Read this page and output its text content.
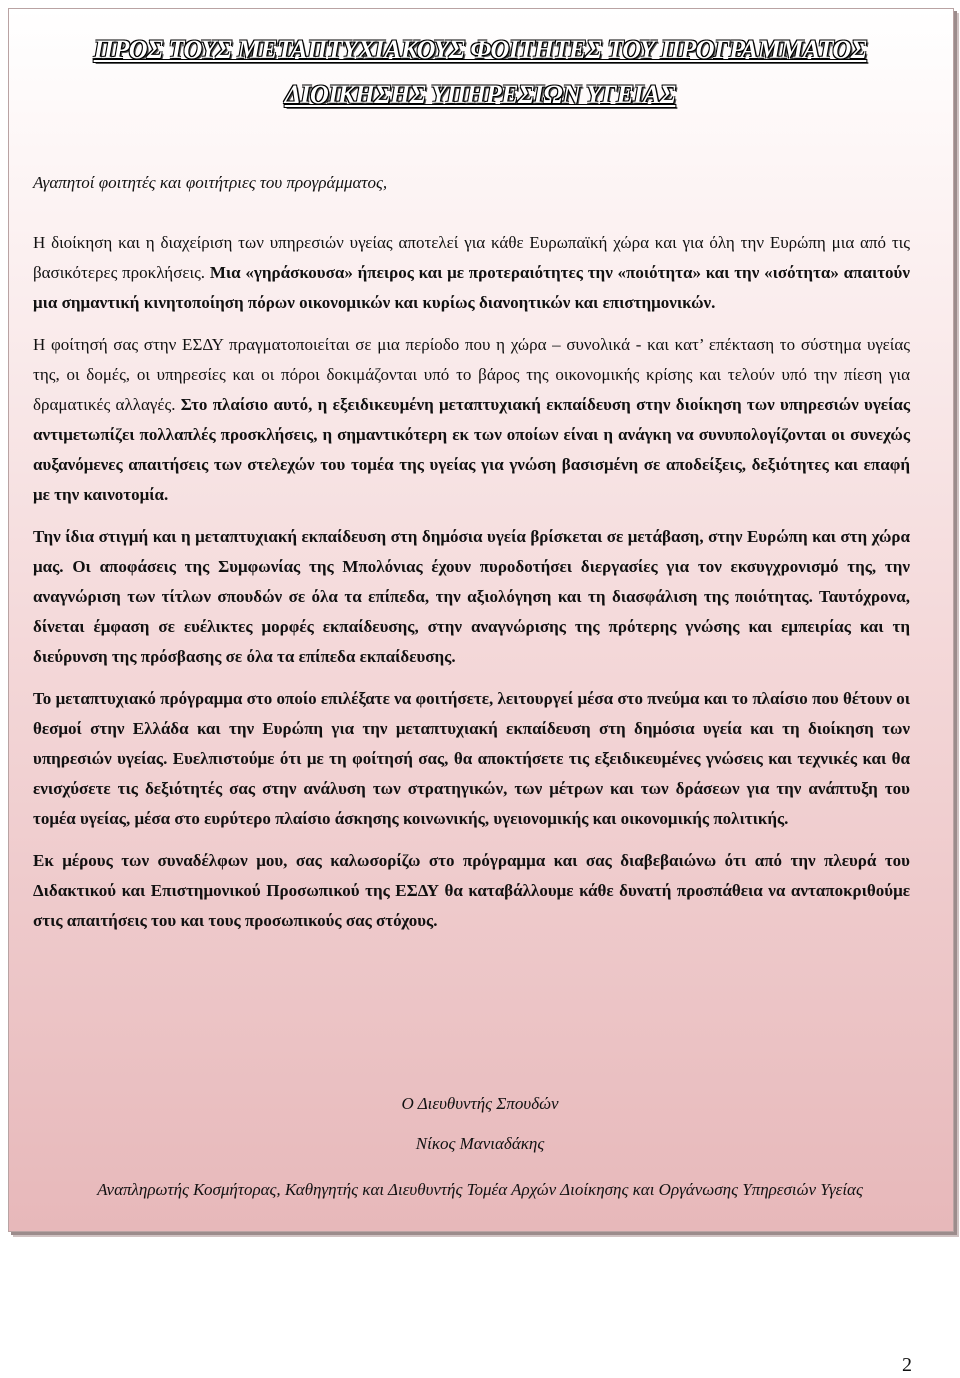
ΠΡΟΣ ΤΟΥΣ ΜΕΤΑΠΤΥΧΙΑΚΟΥΣ ΦΟΙΤΗΤΕΣ ΤΟΥ ΠΡΟΓΡΑΜΜΑΤΟΣ
ΔΙΟΙΚΗΣΗΣ ΥΠΗΡΕΣΙΩΝ ΥΓΕΙΑΣ
Αγαπητοί φοιτητές και φοιτήτριες του προγράμματος,

Η διοίκηση και η διαχείριση των υπηρεσιών υγείας αποτελεί για κάθε Ευρωπαϊκή χώρα και για όλη την Ευρώπη μια από τις βασικότερες προκλήσεις. Μια «γηράσκουσα» ήπειρος και με προτεραιότητες την «ποιότητα» και την «ισότητα» απαιτούν μια σημαντική κινητοποίηση πόρων οικονομικών και κυρίως διανοητικών και επιστημονικών.

Η φοίτησή σας στην ΕΣΔΥ πραγματοποιείται σε μια περίοδο που η χώρα – συνολικά - και κατ’ επέκταση το σύστημα υγείας της, οι δομές, οι υπηρεσίες και οι πόροι δοκιμάζονται υπό το βάρος της οικονομικής κρίσης και τελούν υπό την πίεση για δραματικές αλλαγές. Στο πλαίσιο αυτό, η εξειδικευμένη μεταπτυχιακή εκπαίδευση στην διοίκηση των υπηρεσιών υγείας αντιμετωπίζει πολλαπλές προσκλήσεις, η σημαντικότερη εκ των οποίων είναι η ανάγκη να συνυπολογίζονται οι συνεχώς αυξανόμενες απαιτήσεις των στελεχών του τομέα της υγείας για γνώση βασισμένη σε αποδείξεις, δεξιότητες και επαφή με την καινοτομία.

Την ίδια στιγμή και η μεταπτυχιακή εκπαίδευση στη δημόσια υγεία βρίσκεται σε μετάβαση, στην Ευρώπη και στη χώρα μας. Οι αποφάσεις της Συμφωνίας της Μπολόνιας έχουν πυροδοτήσει διεργασίες για τον εκσυγχρονισμό της, την αναγνώριση των τίτλων σπουδών σε όλα τα επίπεδα, την αξιολόγηση και τη διασφάλιση της ποιότητας. Ταυτόχρονα, δίνεται έμφαση σε ευέλικτες μορφές εκπαίδευσης, στην αναγνώρισης της πρότερης γνώσης και εμπειρίας και τη διεύρυνση της πρόσβασης σε όλα τα επίπεδα εκπαίδευσης.

Το μεταπτυχιακό πρόγραμμα στο οποίο επιλέξατε να φοιτήσετε, λειτουργεί μέσα στο πνεύμα και το πλαίσιο που θέτουν οι θεσμοί στην Ελλάδα και την Ευρώπη για την μεταπτυχιακή εκπαίδευση στη δημόσια υγεία και τη διοίκηση των υπηρεσιών υγείας. Ευελπιστούμε ότι με τη φοίτησή σας, θα αποκτήσετε τις εξειδικευμένες γνώσεις και τεχνικές και θα ενισχύσετε τις δεξιότητές σας στην ανάλυση των στρατηγικών, των μέτρων και των δράσεων για την ανάπτυξη του τομέα υγείας, μέσα στο ευρύτερο πλαίσιο άσκησης κοινωνικής, υγειονομικής και οικονομικής πολιτικής.

Εκ μέρους των συναδέλφων μου, σας καλωσορίζω στο πρόγραμμα και σας διαβεβαιώνω ότι από την πλευρά του Διδακτικού και Επιστημονικού Προσωπικού της ΕΣΔΥ θα καταβάλλουμε κάθε δυνατή προσπάθεια να ανταποκριθούμε στις απαιτήσεις του και τους προσωπικούς σας στόχους.

Ο Διευθυντής Σπουδών
Νίκος Μανιαδάκης
Αναπληρωτής Κοσμήτορας, Καθηγητής και Διευθυντής Τομέα Αρχών Διοίκησης και Οργάνωσης Υπηρεσιών Υγείας
2
